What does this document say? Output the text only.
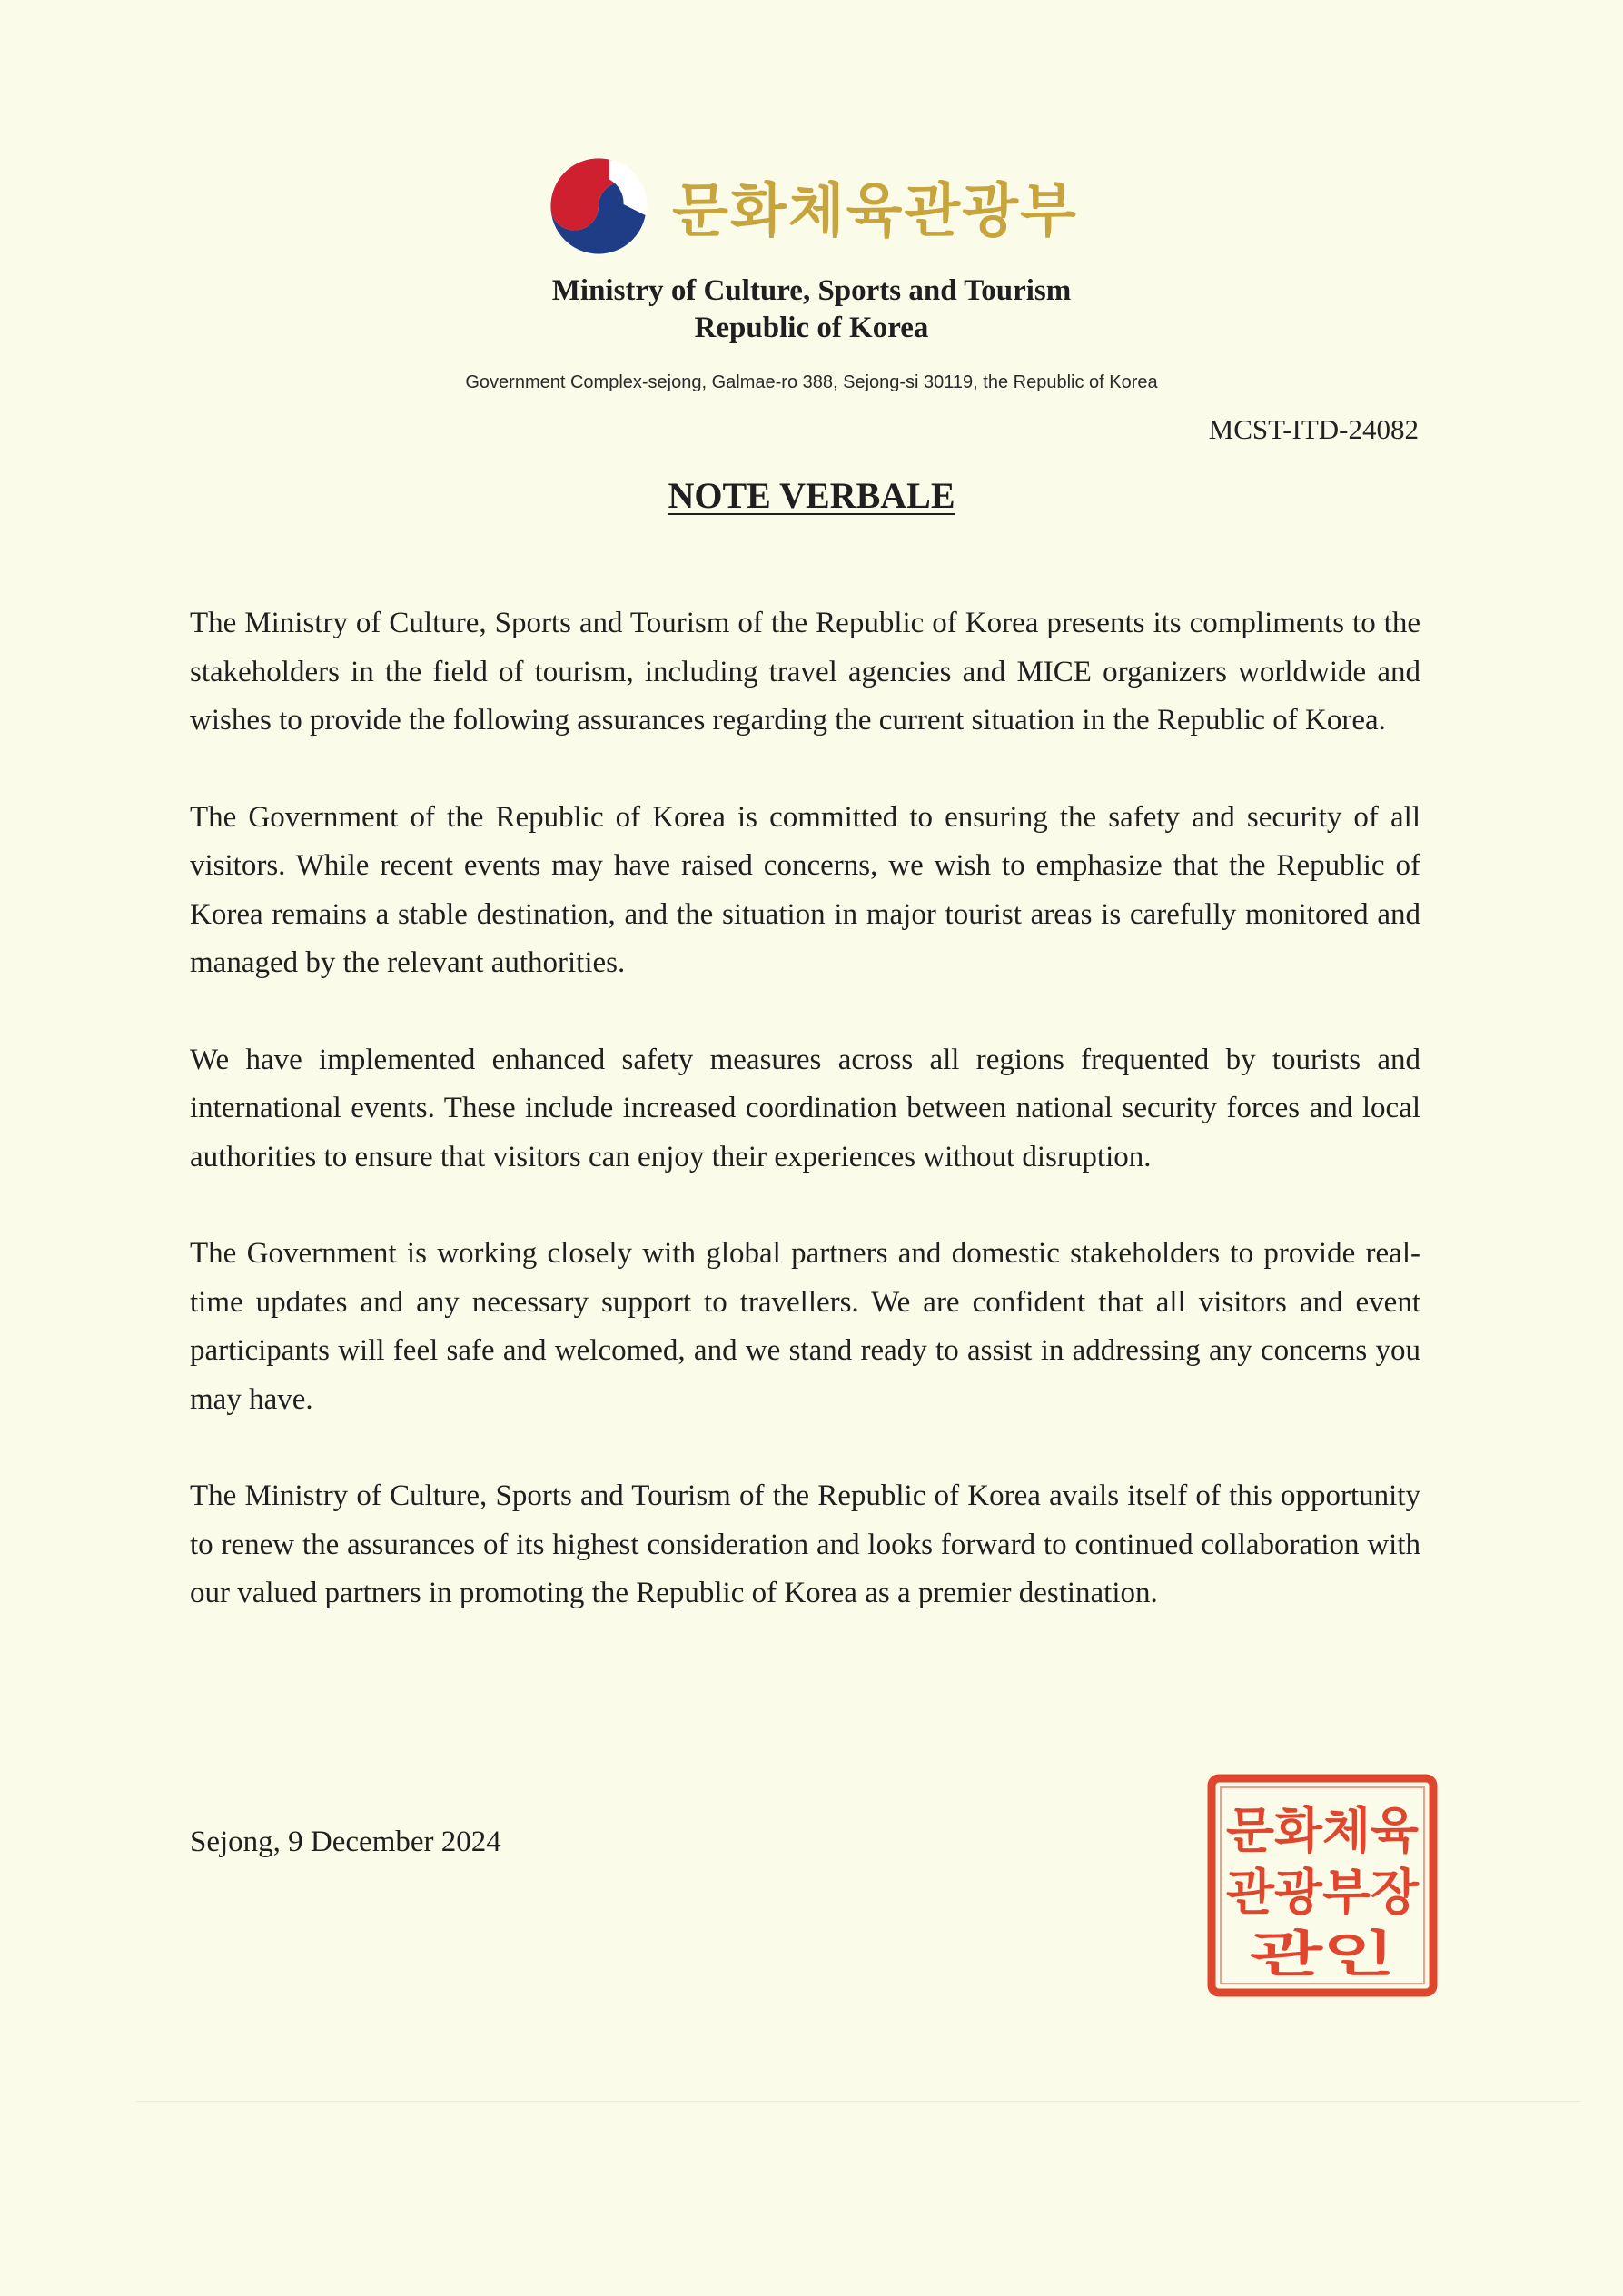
문화체육관광부
Ministry of Culture, Sports and Tourism
Republic of Korea
Government Complex-sejong, Galmae-ro 388, Sejong-si 30119, the Republic of Korea
MCST-ITD-24082
NOTE VERBALE

The Ministry of Culture, Sports and Tourism of the Republic of Korea presents its compliments to the stakeholders in the field of tourism, including travel agencies and MICE organizers worldwide and wishes to provide the following assurances regarding the current situation in the Republic of Korea.

The Government of the Republic of Korea is committed to ensuring the safety and security of all visitors. While recent events may have raised concerns, we wish to emphasize that the Republic of Korea remains a stable destination, and the situation in major tourist areas is carefully monitored and managed by the relevant authorities.

We have implemented enhanced safety measures across all regions frequented by tourists and international events. These include increased coordination between national security forces and local authorities to ensure that visitors can enjoy their experiences without disruption.

The Government is working closely with global partners and domestic stakeholders to provide real-time updates and any necessary support to travellers. We are confident that all visitors and event participants will feel safe and welcomed, and we stand ready to assist in addressing any concerns you may have.

The Ministry of Culture, Sports and Tourism of the Republic of Korea avails itself of this opportunity to renew the assurances of its highest consideration and looks forward to continued collaboration with our valued partners in promoting the Republic of Korea as a premier destination.

Sejong, 9 December 2024	문화체육
관광부장
관인
